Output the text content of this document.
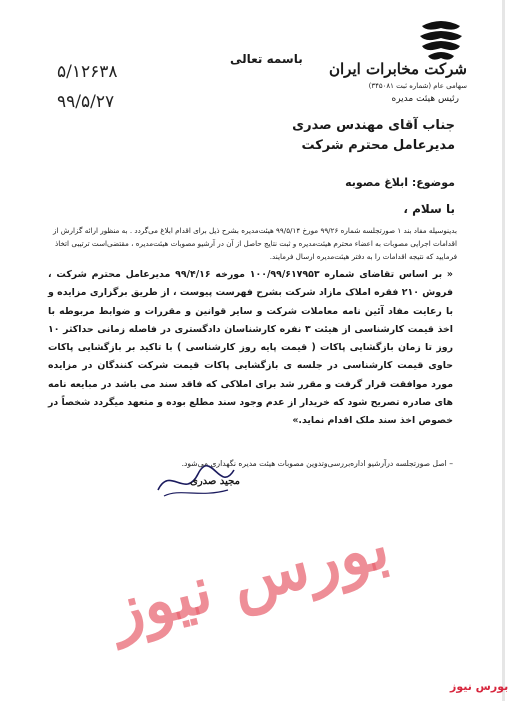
شرکت مخابرات ایران
سهامی عام (شماره ثبت ۳۴۵۰۸۱)
رئیس هیئت مدیره
باسمه تعالی
۵/۱۲۶۳۸
۹۹/۵/۲۷
جناب آقای مهندس صدری
مدیرعامل محترم شرکت
موضوع: ابلاغ مصوبه
با سلام ،
بدینوسیله مفاد بند ۱ صورتجلسه شماره ۹۹/۲۶ مورخ ۹۹/۵/۱۴ هیئت‌مدیره بشرح ذیل برای اقدام ابلاغ می‌گردد . به منظور ارائه گزارش از اقدامات اجرایی مصوبات به اعضاء محترم هیئت‌مدیره و ثبت نتایج حاصل از آن در آرشیو مصوبات هیئت‌مدیره ، مقتضی‌است ترتیبی اتخاذ فرمایید که نتیجه اقدامات را به دفتر هیئت‌مدیره ارسال فرمایند.
« بر اساس تقاضای شماره ۱۰۰/۹۹/۶۱۷۹۵۳ مورخه ۹۹/۴/۱۶ مدیرعامل محترم شرکت ، فروش ۲۱۰ فقره املاک مازاد شرکت بشرح فهرست پیوست ، از طریق برگزاری مزایده و با رعایت مفاد آئین نامه معاملات شرکت و سایر قوانین و مقررات و ضوابط مربوطه با اخذ قیمت کارشناسی از هیئت ۳ نفره کارشناسان دادگستری در فاصله زمانی حداکثر ۱۰ روز تا زمان بازگشایی پاکات ( قیمت پایه روز کارشناسی ) با تاکید بر بازگشایی پاکات حاوی قیمت کارشناسی در جلسه ی بازگشایی پاکات قیمت شرکت کنندگان در مزایده مورد موافقت قرار گرفت و مقرر شد برای املاکی که فاقد سند می باشد در مبایعه نامه های صادره تصریح شود که خریدار از عدم وجود سند مطلع بوده و متعهد میگردد شخصاً در خصوص اخذ سند ملک اقدام نماید.»
– اصل صورتجلسه درآرشیو اداره‌بررسی‌وتدوین مصوبات هیئت مدیره نگهداری می‌شود.
مجید صدری
بورس نیوز
بورس نیوز
